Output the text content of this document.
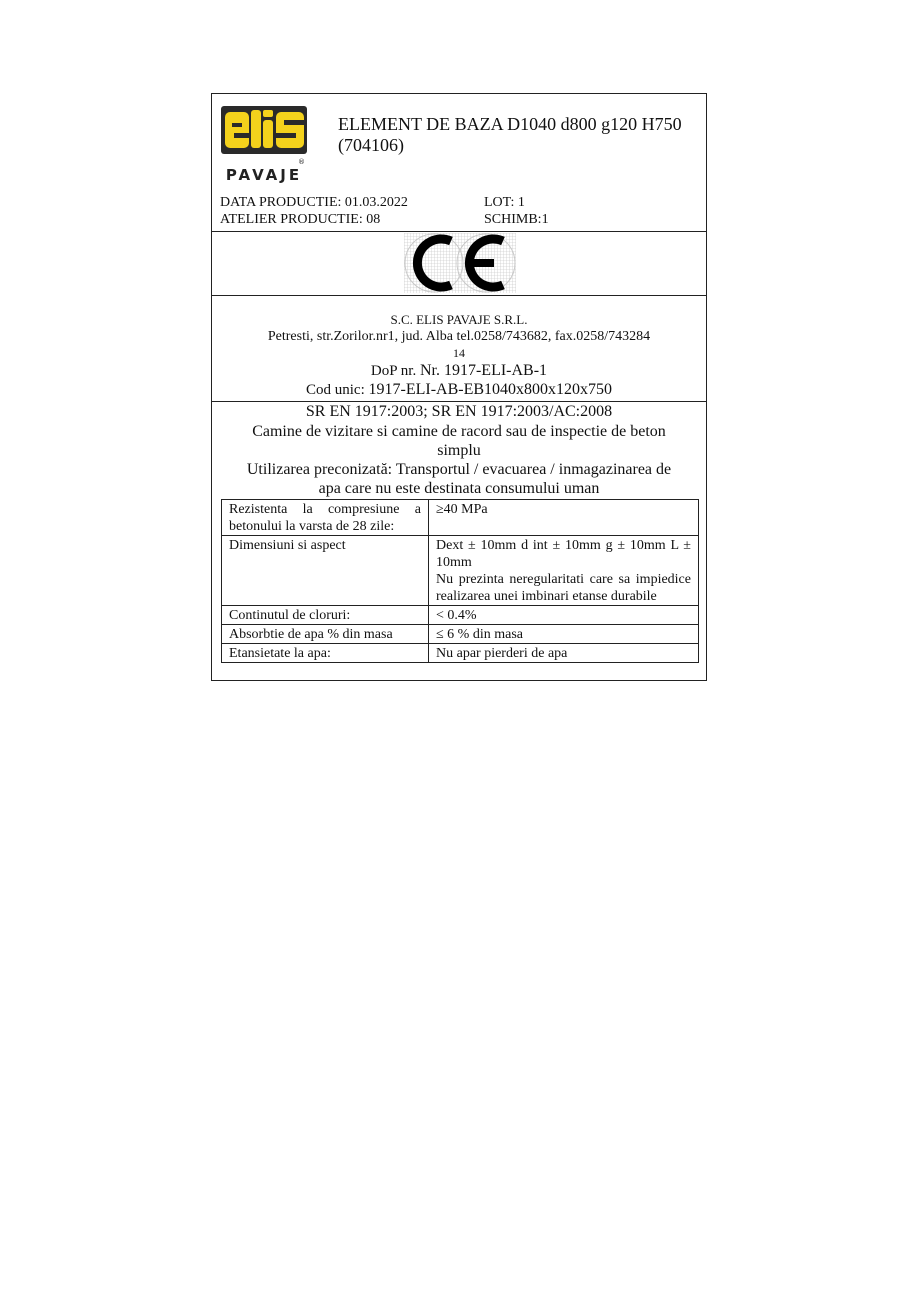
®
PAVAJE
ELEMENT DE BAZA D1040 d800 g120 H750
(704106)
DATA PRODUCTIE: 01.03.2022
ATELIER PRODUCTIE: 08
LOT: 1
SCHIMB:1
S.C. ELIS PAVAJE S.R.L.
Petresti, str.Zorilor.nr1, jud. Alba tel.0258/743682, fax.0258/743284
14
DoP nr. Nr. 1917-ELI-AB-1
Cod unic: 1917-ELI-AB-EB1040x800x120x750
SR EN 1917:2003; SR EN 1917:2003/AC:2008
Camine de vizitare si camine de racord sau de inspectie de beton
simplu
Utilizarea preconizată: Transportul / evacuarea / inmagazinarea de
apa care nu este destinata consumului uman
Rezistenta la compresiune a betonului la varsta de 28 zile:	≥40 MPa
Dimensiuni si aspect	Dext ± 10mm d int ± 10mm g ± 10mm L ± 10mm
Nu prezinta neregularitati care sa impiedice realizarea unei imbinari etanse durabile

Continutul de cloruri:	< 0.4%
Absorbtie de apa % din masa	≤ 6 % din masa
Etansietate la apa:	Nu apar pierderi de apa
